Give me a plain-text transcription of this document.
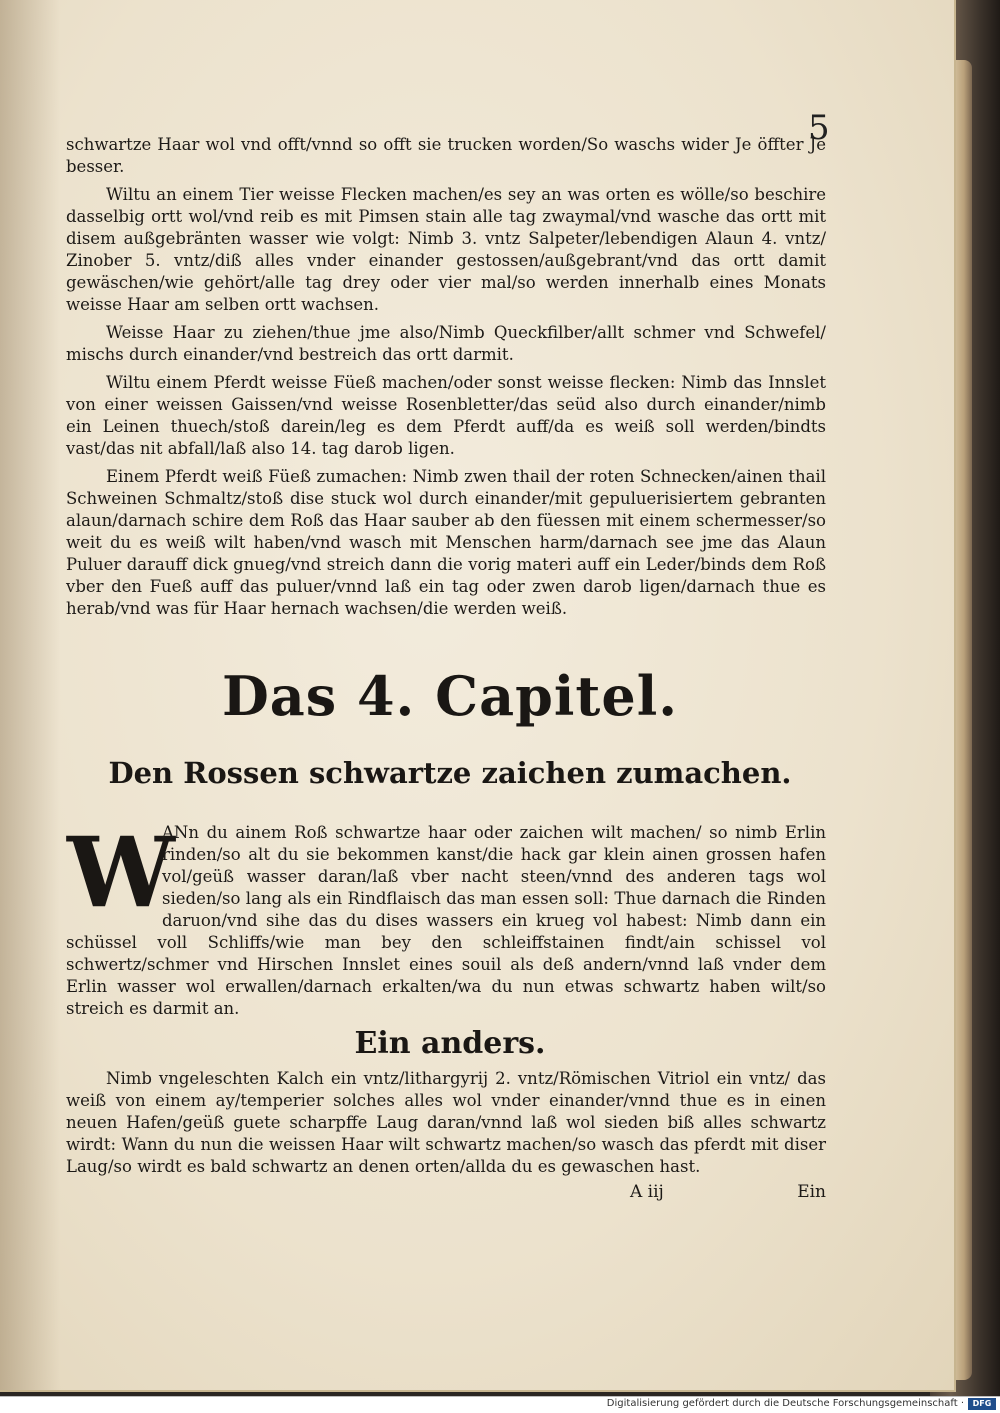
5

schwartze Haar wol vnd offt/vnnd so offt sie trucken worden/So waschs wider Je öffter Je besser.

Wiltu an einem Tier weisse Flecken machen/es sey an was orten es wölle/so beschire dasselbig ortt wol/vnd reib es mit Pimsen stain alle tag zwaymal/vnd wasche das ortt mit disem außgebränten wasser wie volgt: Nimb 3. vntz Salpeter/lebendigen Alaun 4. vntz/ Zinober 5. vntz/diß alles vnder einander gestossen/außgebrant/vnd das ortt damit gewäschen/wie gehört/alle tag drey oder vier mal/so werden innerhalb eines Monats weisse Haar am selben ortt wachsen.

Weisse Haar zu ziehen/thue jme also/Nimb Queckfilber/allt schmer vnd Schwefel/ mischs durch einander/vnd bestreich das ortt darmit.

Wiltu einem Pferdt weisse Füeß machen/oder sonst weisse flecken: Nimb das Innslet von einer weissen Gaissen/vnd weisse Rosenbletter/das seüd also durch einander/nimb ein Leinen thuech/stoß darein/leg es dem Pferdt auff/da es weiß soll werden/bindts vast/das nit abfall/laß also 14. tag darob ligen.

Einem Pferdt weiß Füeß zumachen: Nimb zwen thail der roten Schnecken/ainen thail Schweinen Schmaltz/stoß dise stuck wol durch einander/mit gepuluerisiertem gebranten alaun/darnach schire dem Roß das Haar sauber ab den füessen mit einem schermesser/so weit du es weiß wilt haben/vnd wasch mit Menschen harm/darnach see jme das Alaun Puluer darauff dick gnueg/vnd streich dann die vorig materi auff ein Leder/binds dem Roß vber den Fueß auff das puluer/vnnd laß ein tag oder zwen darob ligen/darnach thue es herab/vnd was für Haar hernach wachsen/die werden weiß.

Das 4. Capitel.
Den Rossen schwartze zaichen zumachen.
W

ANn du ainem Roß schwartze haar oder zaichen wilt machen/ so nimb Erlin rinden/so alt du sie bekommen kanst/die hack gar klein ainen grossen hafen vol/geüß wasser daran/laß vber nacht steen/vnnd des anderen tags wol sieden/so lang als ein Rindflaisch das man essen soll: Thue darnach die Rinden daruon/vnd sihe das du dises wassers ein krueg vol habest: Nimb dann ein schüssel voll Schliffs/wie man bey den schleiffstainen findt/ain schissel vol schwertz/schmer vnd Hirschen Innslet eines souil als deß andern/vnnd laß vnder dem Erlin wasser wol erwallen/darnach erkalten/wa du nun etwas schwartz haben wilt/so streich es darmit an.

Ein anders.

Nimb vngeleschten Kalch ein vntz/lithargyrij 2. vntz/Römischen Vitriol ein vntz/ das weiß von einem ay/temperier solches alles wol vnder einander/vnnd thue es in einen neuen Hafen/geüß guete scharpffe Laug daran/vnnd laß wol sieden biß alles schwartz wirdt: Wann du nun die weissen Haar wilt schwartz machen/so wasch das pferdt mit diser Laug/so wirdt es bald schwartz an denen orten/allda du es gewaschen hast.

A iij	Ein
Digitalisierung gefördert durch die Deutsche Forschungsgemeinschaft ·	DFG
